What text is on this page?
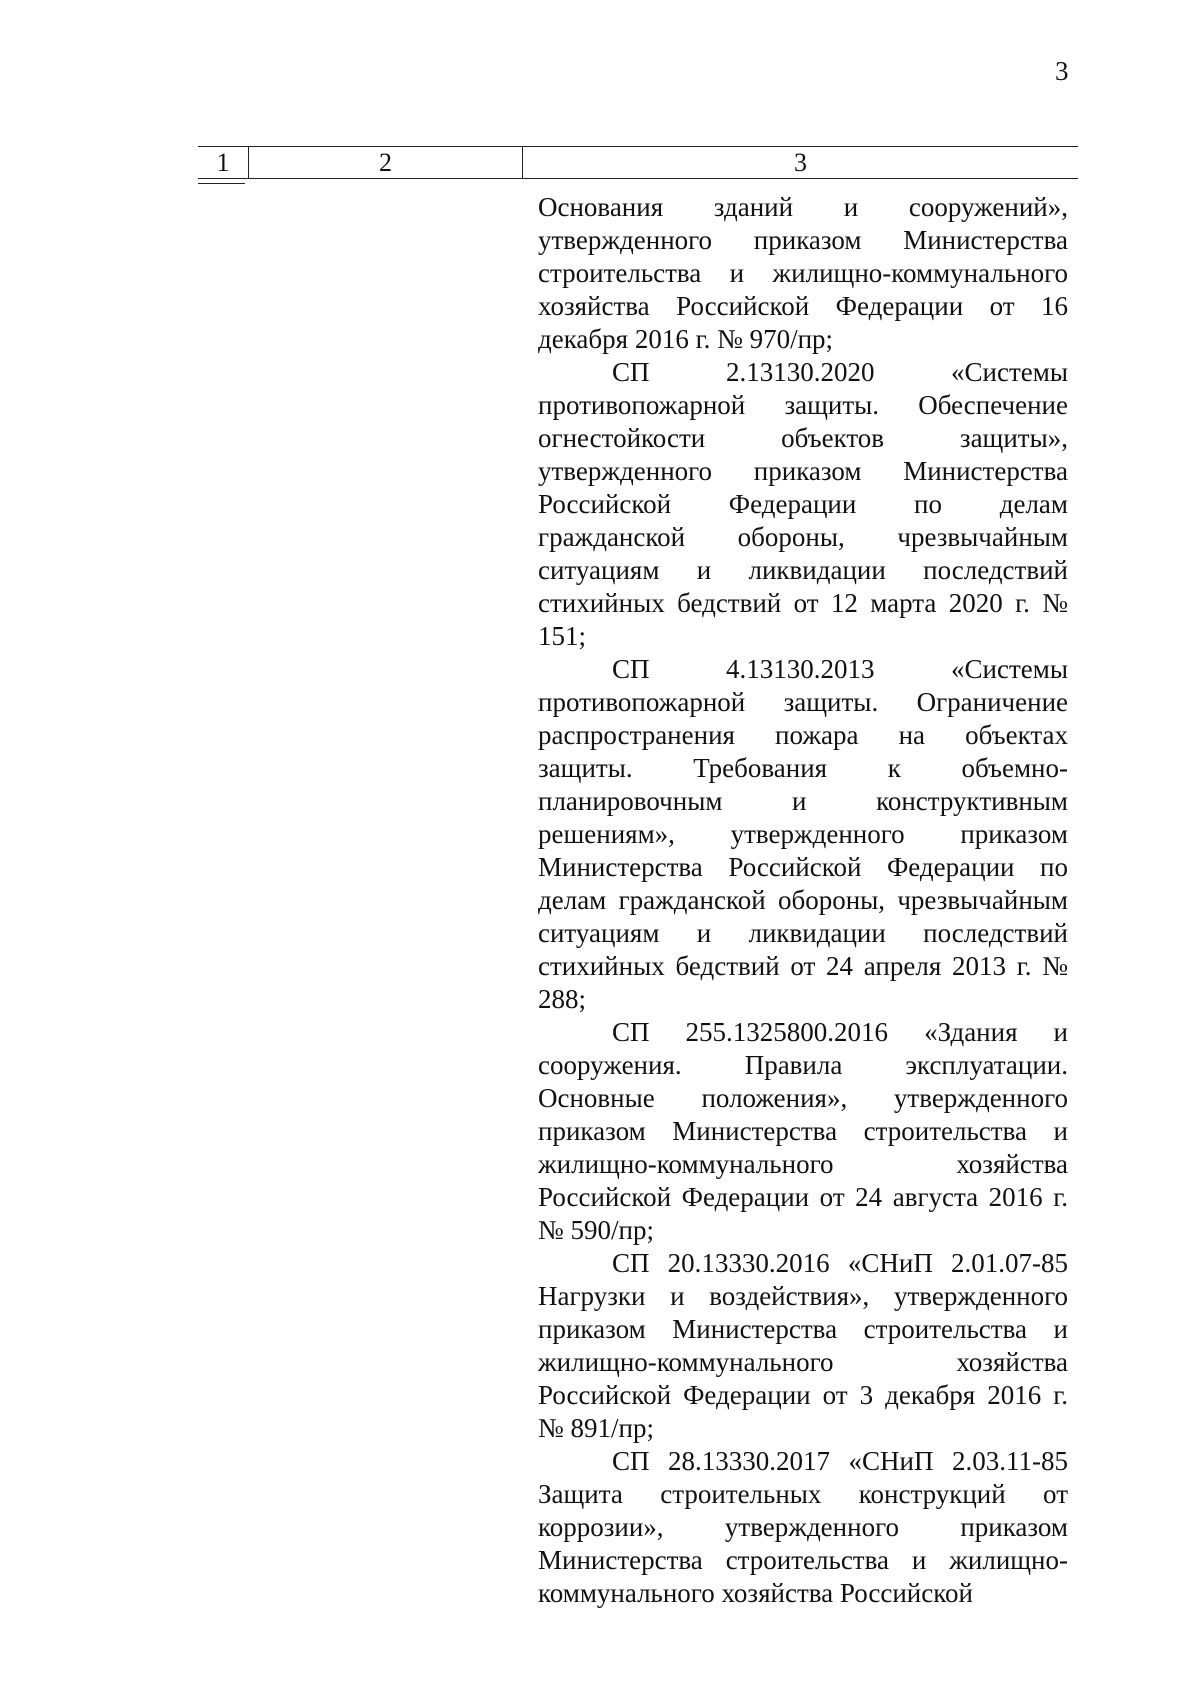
3
1	2	3

Основания зданий и сооружений», утвержденного приказом Министерства строительства и жилищно-коммунального хозяйства Российской Федерации от 16 декабря 2016 г. № 970/пр;

СП 2.13130.2020 «Системы противопожарной защиты. Обеспечение огнестойкости объектов защиты», утвержденного приказом Министерства Российской Федерации по делам гражданской обороны, чрезвычайным ситуациям и ликвидации последствий стихийных бедствий от 12 марта 2020 г. № 151;

СП 4.13130.2013 «Системы противопожарной защиты. Ограничение распространения пожара на объектах защиты. Требования к объемно-планировочным и конструктивным решениям», утвержденного приказом Министерства Российской Федерации по делам гражданской обороны, чрезвычайным ситуациям и ликвидации последствий стихийных бедствий от 24 апреля 2013 г. № 288;

СП 255.1325800.2016 «Здания и сооружения. Правила эксплуатации. Основные положения», утвержденного приказом Министерства строительства и жилищно-коммунального хозяйства Российской Федерации от 24 августа 2016 г. № 590/пр;

СП 20.13330.2016 «СНиП 2.01.07-85 Нагрузки и воздействия», утвержденного приказом Министерства строительства и жилищно-коммунального хозяйства Российской Федерации от 3 декабря 2016 г. № 891/пр;

СП 28.13330.2017 «СНиП 2.03.11-85 Защита строительных конструкций от коррозии», утвержденного приказом Министерства строительства и жилищно-коммунального хозяйства Российской
